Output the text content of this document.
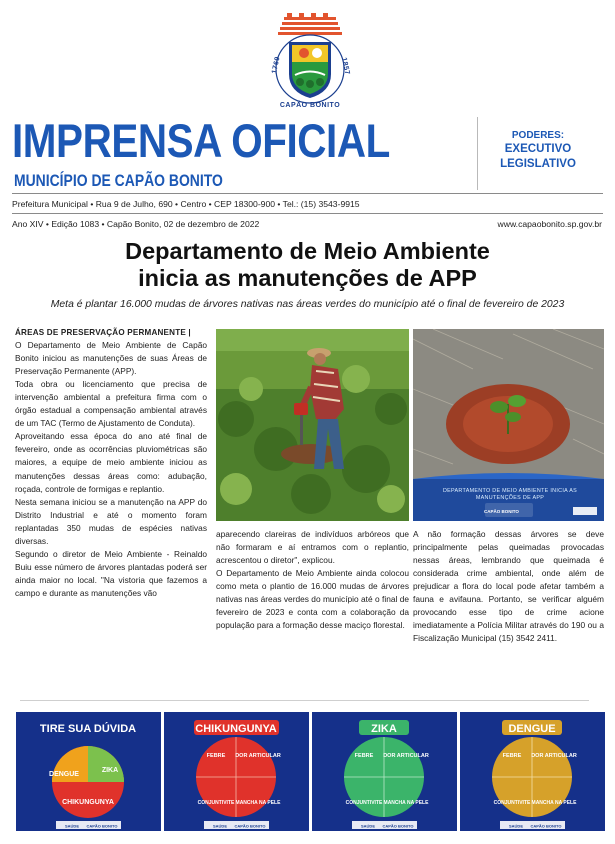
1769	1857
CAPÃO BONITO
IMPRENSA OFICIAL
MUNICÍPIO DE CAPÃO BONITO
PODERES:
EXECUTIVO
LEGISLATIVO
Prefeitura Municipal • Rua 9 de Julho, 690 • Centro • CEP 18300-900 • Tel.: (15) 3543-9915
Ano XIV • Edição 1083 • Capão Bonito, 02 de dezembro de 2022	www.capaobonito.sp.gov.br
Departamento de Meio Ambiente
inicia as manutenções de APP
Meta é plantar 16.000 mudas de árvores nativas nas áreas verdes do município até o final de fevereiro de 2023

ÁREAS DE PRESERVAÇÃO PERMANENTE |

O Departamento de Meio Ambiente de Capão Bonito iniciou as manutenções de suas Áreas de Preservação Permanente (APP).

Toda obra ou licenciamento que precisa de intervenção ambiental a prefeitura firma com o órgão estadual a compensação ambiental através de um TAC (Termo de Ajustamento de Conduta).

Aproveitando essa época do ano até final de fevereiro, onde as ocorrências pluviométricas são maiores, a equipe de meio ambiente iniciou as manutenções dessas áreas como: adubação, roçada, controle de formigas e replantio.

Nesta semana iniciou se a manutenção na APP do Distrito Industrial e até o momento foram replantadas 350 mudas de espécies nativas diversas.

Segundo o diretor de Meio Ambiente - Reinaldo Buiu esse número de árvores plantadas poderá ser ainda maior no local. "Na vistoria que fazemos a campo e durante as manutenções vão

DEPARTAMENTO DE MEIO AMBIENTE INICIA AS
MANUTENÇÕES DE APP
CAPÃO BONITO

aparecendo clareiras de indivíduos arbóreos que não formaram e aí entramos com o replantio, acrescentou o diretor", explicou.

O Departamento de Meio Ambiente ainda colocou como meta o plantio de 16.000 mudas de árvores nativas nas áreas verdes do município até o final de fevereiro de 2023 e conta com a colaboração da população para a formação desse maciço florestal.

A não formação dessas árvores se deve principalmente pelas queimadas provocadas nessas áreas, lembrando que queimada é considerada crime ambiental, onde além de prejudicar a flora do local pode afetar também a fauna e avifauna. Portanto, se verificar alguém provocando esse tipo de crime acione imediatamente a Polícia Militar através do 190 ou a Fiscalização Municipal (15) 3542 2411.

TIRE SUA DÚVIDA
DENGUE
ZIKA
CHIKUNGUNYA
SAÚDE CAPÃO BONITO
CHIKUNGUNYA
FEBRE DOR ARTICULAR
CONJUNTIVITE MANCHA NA PELE
SAÚDE CAPÃO BONITO
ZIKA
FEBRE DOR ARTICULAR
CONJUNTIVITE MANCHA NA PELE
SAÚDE CAPÃO BONITO
DENGUE
FEBRE DOR ARTICULAR
CONJUNTIVITE MANCHA NA PELE
SAÚDE CAPÃO BONITO
